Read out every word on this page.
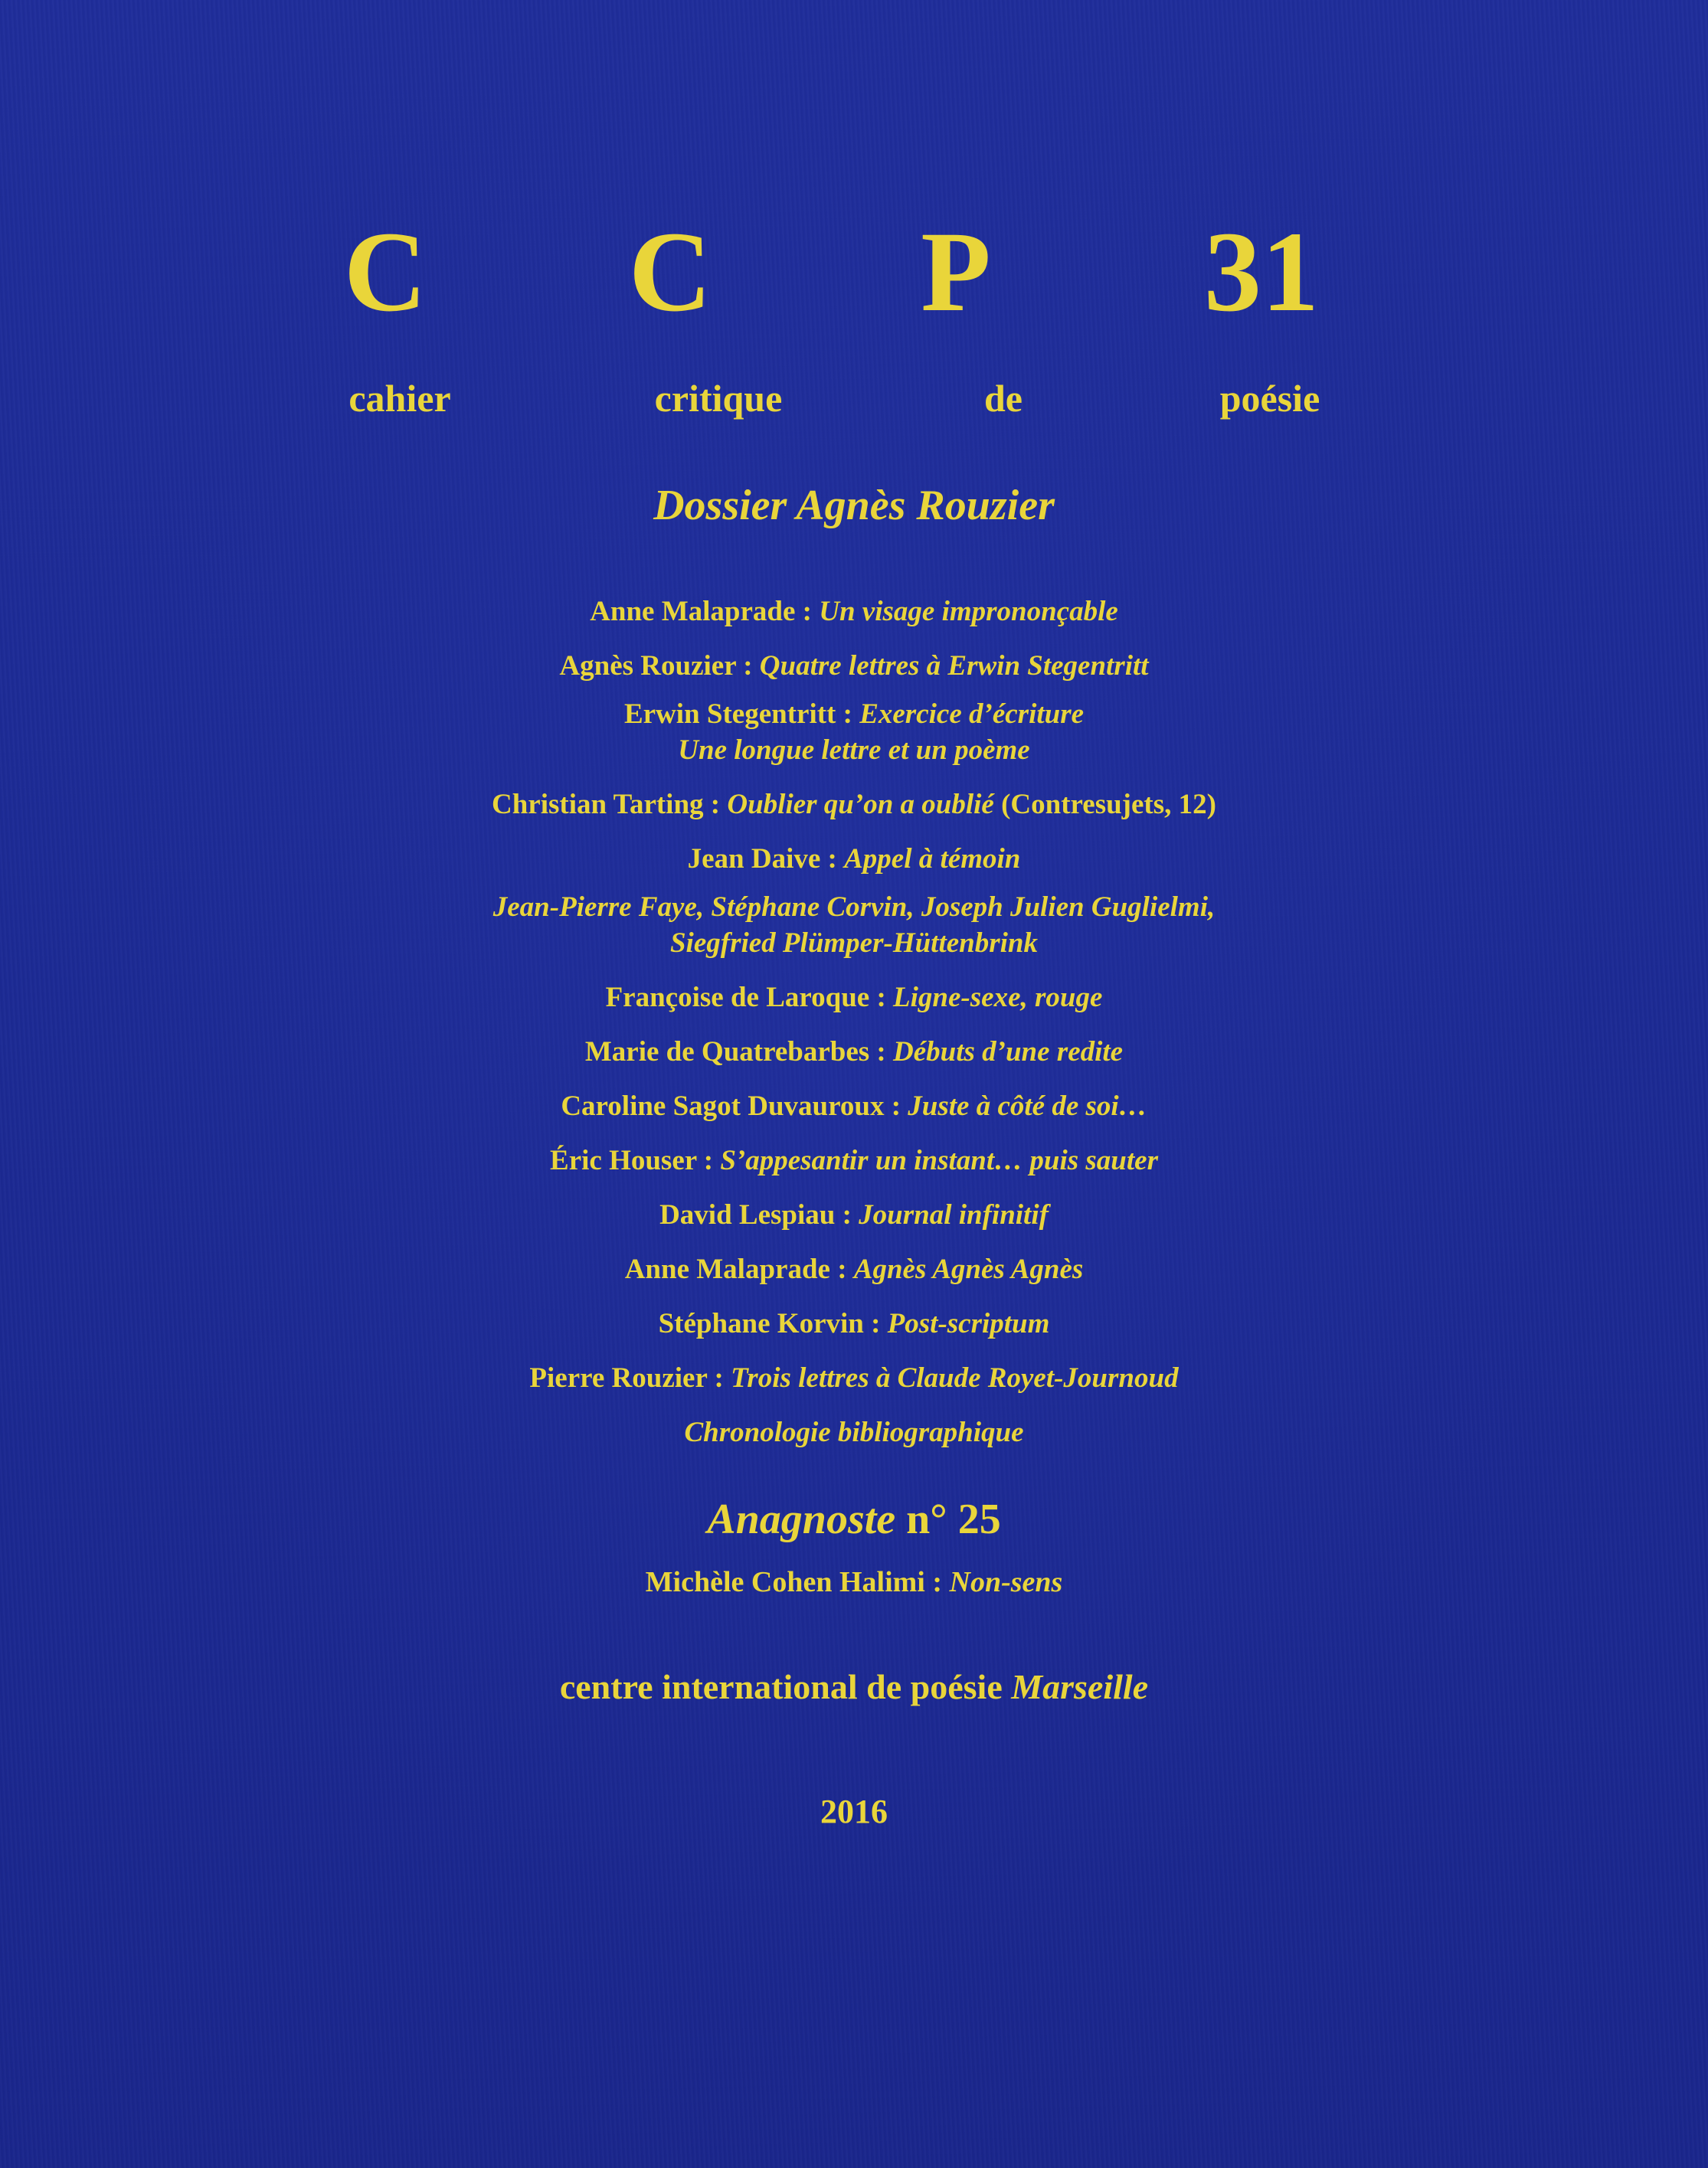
C	C	P	31
cahier	critique	de	poésie
Dossier Agnès Rouzier
Anne Malaprade : Un visage imprononçable
Agnès Rouzier : Quatre lettres à Erwin Stegentritt
Erwin Stegentritt : Exercice d’écriture
Une longue lettre et un poème
Christian Tarting : Oublier qu’on a oublié (Contresujets, 12)
Jean Daive : Appel à témoin
Jean-Pierre Faye, Stéphane Corvin, Joseph Julien Guglielmi,
Siegfried Plümper-Hüttenbrink
Françoise de Laroque : Ligne-sexe, rouge
Marie de Quatrebarbes : Débuts d’une redite
Caroline Sagot Duvauroux : Juste à côté de soi…
Éric Houser : S’appesantir un instant… puis sauter
David Lespiau : Journal infinitif
Anne Malaprade : Agnès Agnès Agnès
Stéphane Korvin : Post-scriptum
Pierre Rouzier : Trois lettres à Claude Royet-Journoud
Chronologie bibliographique
Anagnoste n° 25
Michèle Cohen Halimi : Non-sens
centre international de poésie Marseille
2016
